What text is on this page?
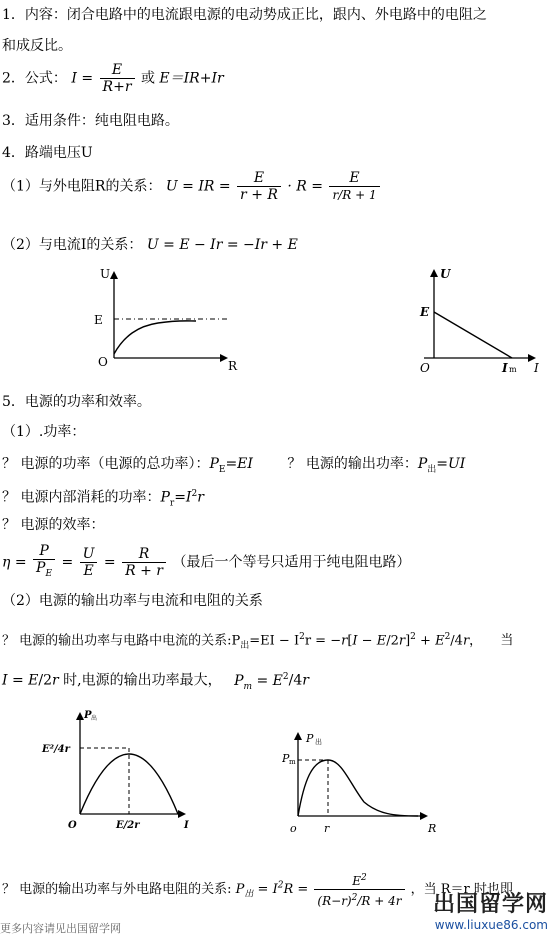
1．内容：闭合电路中的电流跟电源的电动势成正比，跟内、外电路中的电阻之
和成反比。
2．公式： $I = \frac{E}{R+r}$ 或 E＝IR+Ir
3．适用条件：纯电阻电路。
4．路端电压U
（1）与外电阻R的关系： U = IR = $\frac{E}{r + R} \cdot R = \frac{E}{r/R + 1}$
（2）与电流I的关系： U = E − Ir = −Ir + E
U
E
O	R
U
E
O	I m I
5．电源的功率和效率。
（1）.功率：
？ 电源的功率（电源的总功率）：$P_E=EI$ ？ 电源的输出功率：$P_出=UI$
？ 电源内部消耗的功率：$P_r=I^2r$
？ 电源的效率：
$\eta = \frac{P}{P_E} = \frac{U}{E} = \frac{R}{R + r}$ （最后一个等号只适用于纯电阻电路）
（2）电源的输出功率与电流和电阻的关系
？ 电源的输出功率与电路中电流的关系$:P_出=EI - I^2r = -r[I - E/2r]^2 + E^2/4r$， 当
I = E/2r 时,电源的输出功率最大， $P_m = E^2/4r$
P 出
E²/4r
O	E/2r	I
P 出
P m
o r	R
？ 电源的输出功率与外电路电阻的关系: $P_出 = I^2R = \frac{E^2}{(R-r)^2/R + 4r}$ ，当 R＝r 时也即
更多内容请见出国留学网
出国留学网
www.liuxue86.com
